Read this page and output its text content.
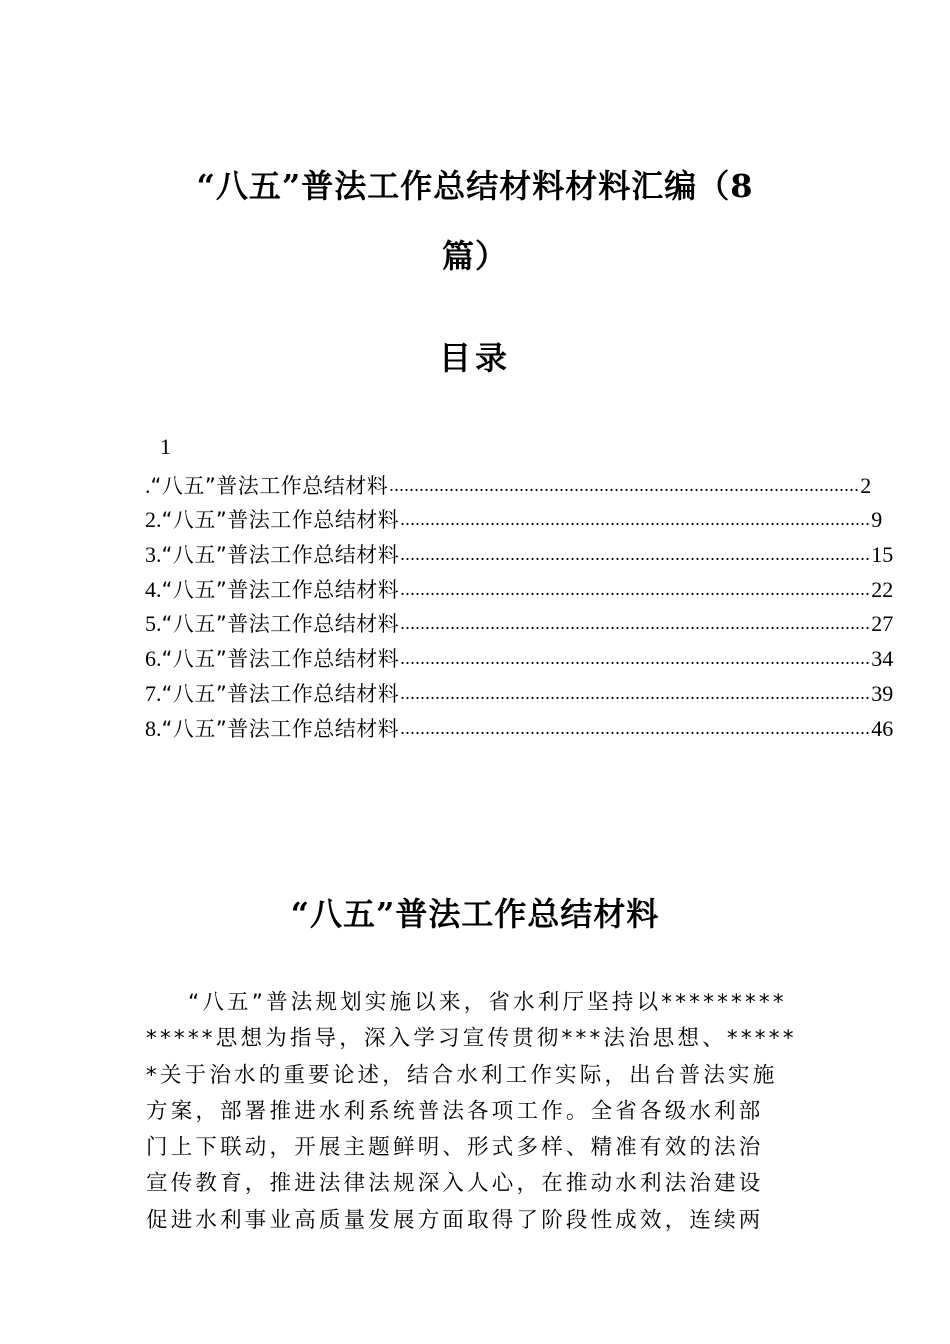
“八五”普法工作总结材料材料汇编（8
篇）
目录
1
. “八五”普法工作总结材料 .............................................................................................. 2
2. “八五”普法工作总结材料 .............................................................................................. 9
3. “八五”普法工作总结材料 .............................................................................................. 15
4. “八五”普法工作总结材料 .............................................................................................. 22
5. “八五”普法工作总结材料 .............................................................................................. 27
6. “八五”普法工作总结材料 .............................................................................................. 34
7. “八五”普法工作总结材料 .............................................................................................. 39
8. “八五”普法工作总结材料 .............................................................................................. 46
“八五”普法工作总结材料
“八五”普法规划实施以来，省水利厅坚持以*********
*****思想为指导，深入学习宣传贯彻***法治思想、*****
*关于治水的重要论述，结合水利工作实际，出台普法实施
方案，部署推进水利系统普法各项工作。全省各级水利部
门上下联动，开展主题鲜明、形式多样、精准有效的法治
宣传教育，推进法律法规深入人心，在推动水利法治建设
促进水利事业高质量发展方面取得了阶段性成效，连续两
